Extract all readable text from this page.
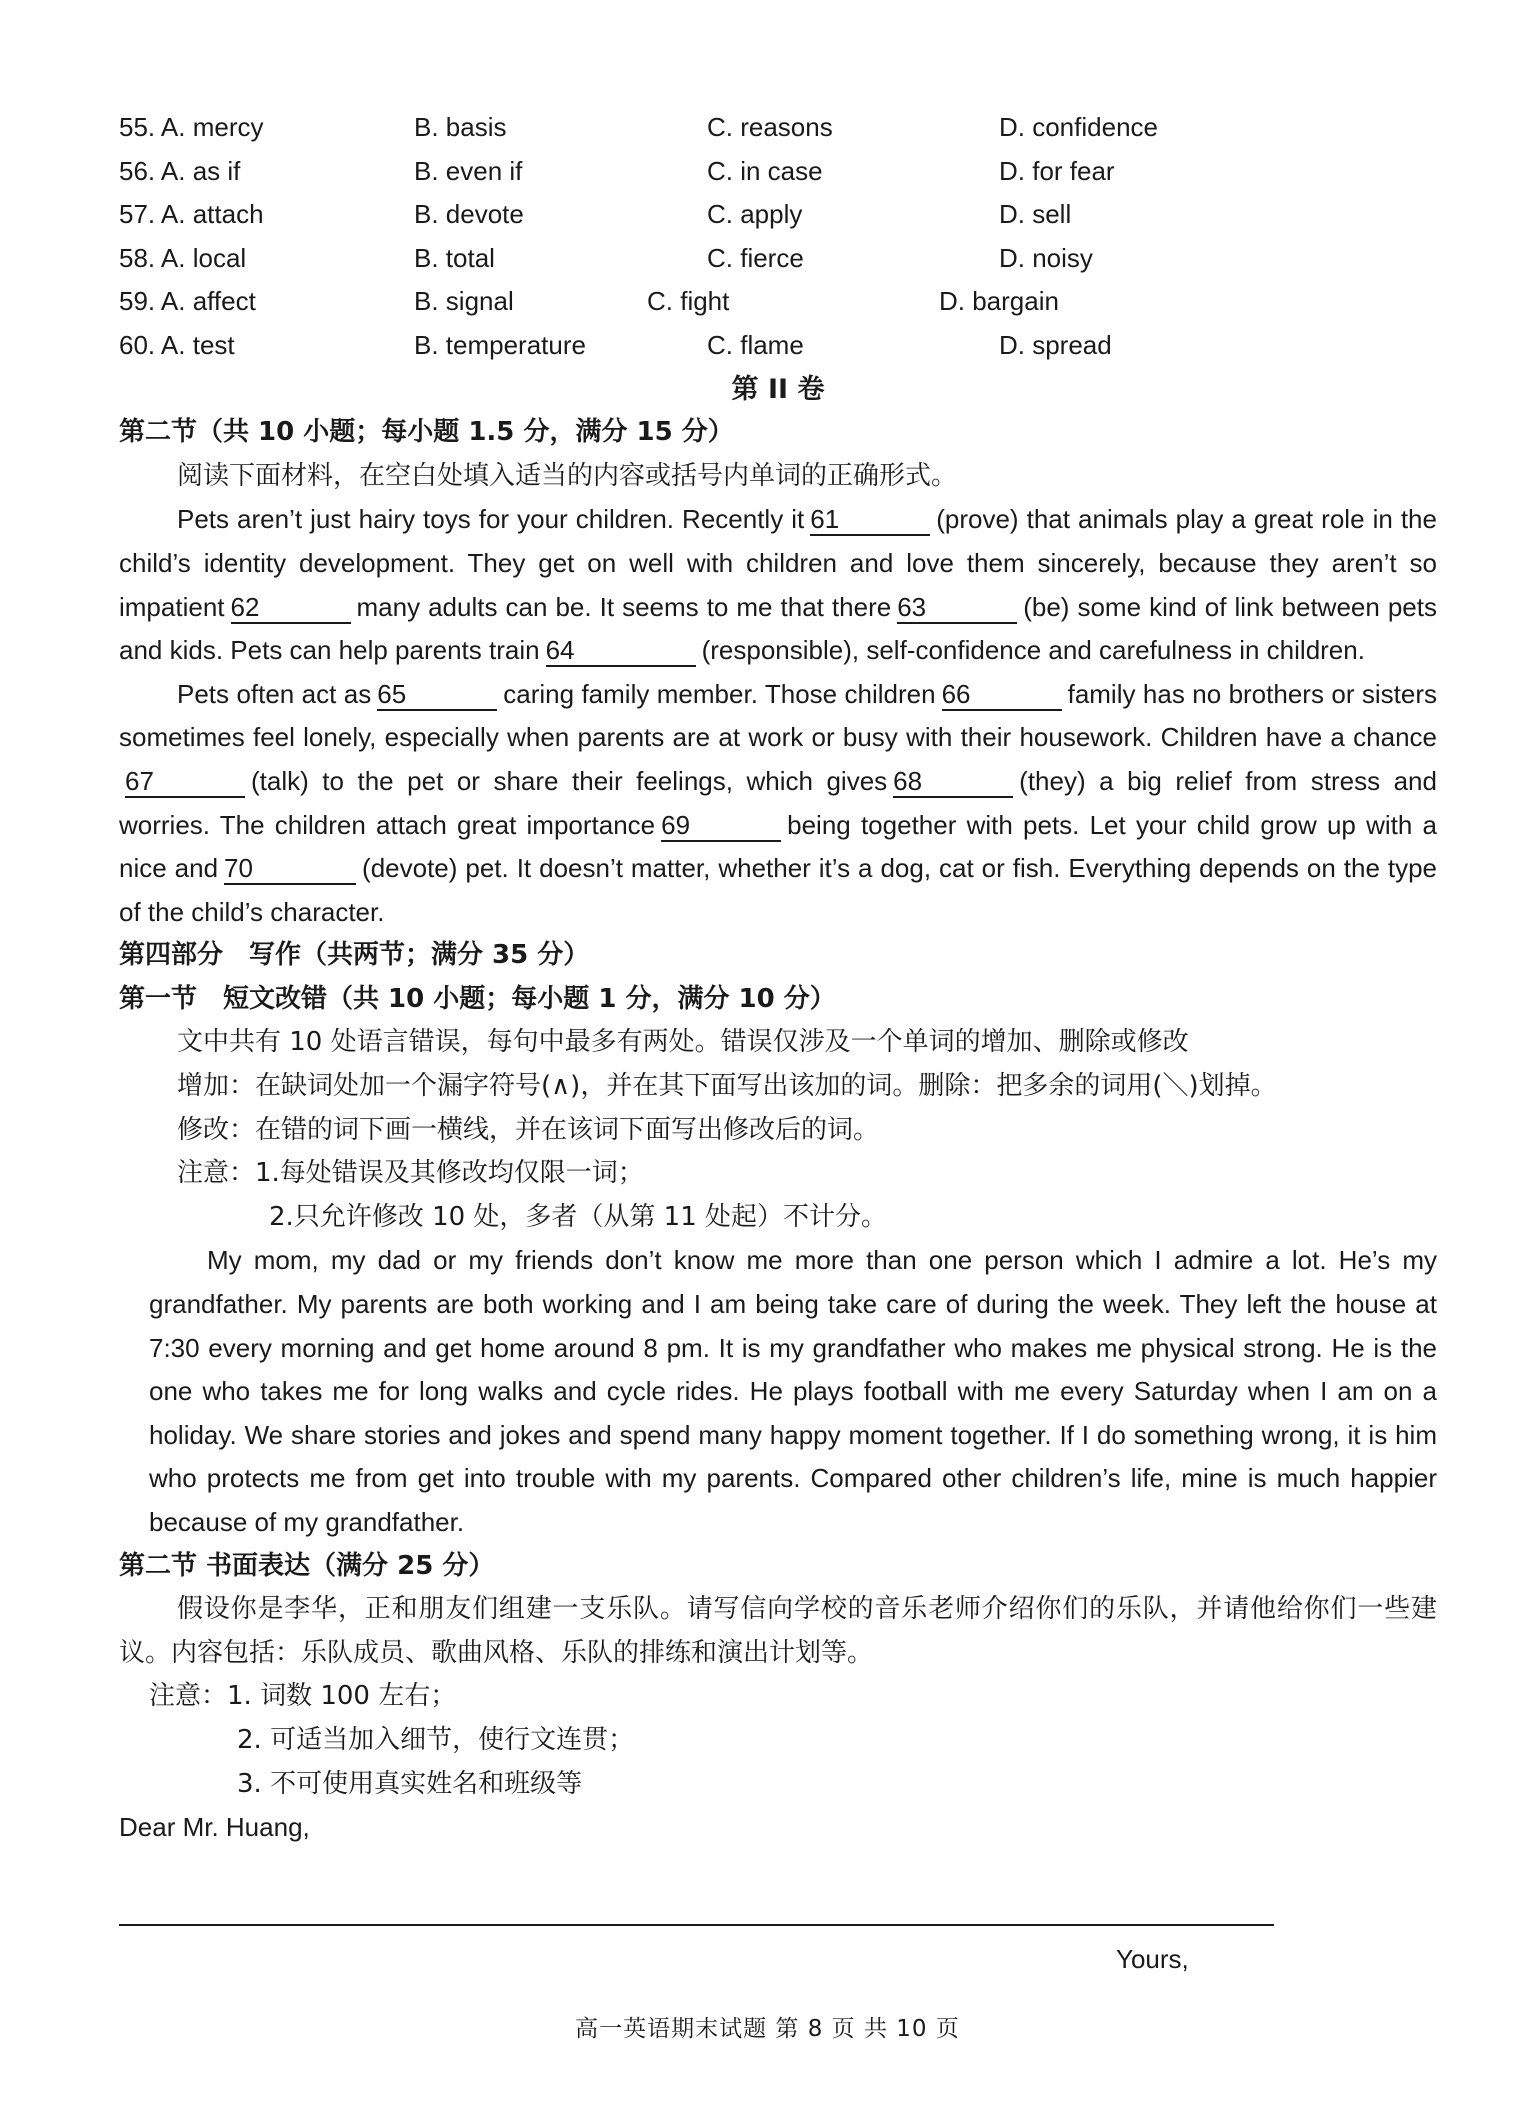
55. A. mercy	B. basis	C. reasons	D. confidence
56. A. as if	B. even if	C. in case	D. for fear
57. A. attach	B. devote	C. apply	D. sell
58. A. local	B. total	C. fierce	D. noisy
59. A. affect	B. signal	C. fight	D. bargain
60. A. test	B. temperature	C. flame	D. spread
第 II 卷
第二节（共 10 小题；每小题 1.5 分，满分 15 分）
阅读下面材料，在空白处填入适当的内容或括号内单词的正确形式。
Pets aren’t just hairy toys for your children. Recently it 61	(prove) that animals play a great role in the child’s identity development. They get on well with children and love them sincerely, because they aren’t so impatient 62	many adults can be. It seems to me that there 63	(be) some kind of link between pets and kids. Pets can help parents train 64	(responsible), self-confidence and carefulness in children.
Pets often act as 65	caring family member. Those children 66	family has no brothers or sisters sometimes feel lonely, especially when parents are at work or busy with their housework. Children have a chance67	(talk) to the pet or share their feelings, which gives 68	(they) a big relief from stress and worries. The children attach great importance 69	being together with pets. Let your child grow up with a nice and 70	(devote) pet. It doesn’t matter, whether it’s a dog, cat or fish. Everything depends on the type of the child’s character.
第四部分　写作（共两节；满分 35 分）
第一节　短文改错（共 10 小题；每小题 1 分，满分 10 分）
文中共有 10 处语言错误，每句中最多有两处。错误仅涉及一个单词的增加、删除或修改
增加：在缺词处加一个漏字符号(∧)，并在其下面写出该加的词。删除：把多余的词用(＼)划掉。
修改：在错的词下画一横线，并在该词下面写出修改后的词。
注意：1.每处错误及其修改均仅限一词；
2.只允许修改 10 处，多者（从第 11 处起）不计分。
My mom, my dad or my friends don’t know me more than one person which I admire a lot. He’s my grandfather. My parents are both working and I am being take care of during the week. They left the house at 7:30 every morning and get home around 8 pm. It is my grandfather who makes me physical strong. He is the one who takes me for long walks and cycle rides. He plays football with me every Saturday when I am on a holiday. We share stories and jokes and spend many happy moment together. If I do something wrong, it is him who protects me from get into trouble with my parents. Compared other children’s life, mine is much happier because of my grandfather.
第二节 书面表达（满分 25 分）
假设你是李华，正和朋友们组建一支乐队。请写信向学校的音乐老师介绍你们的乐队，并请他给你们一些建议。内容包括：乐队成员、歌曲风格、乐队的排练和演出计划等。
注意：1. 词数 100 左右；
2. 可适当加入细节，使行文连贯；
3. 不可使用真实姓名和班级等
Dear Mr. Huang,
Yours,
高一英语期末试题 第 8 页 共 10 页
